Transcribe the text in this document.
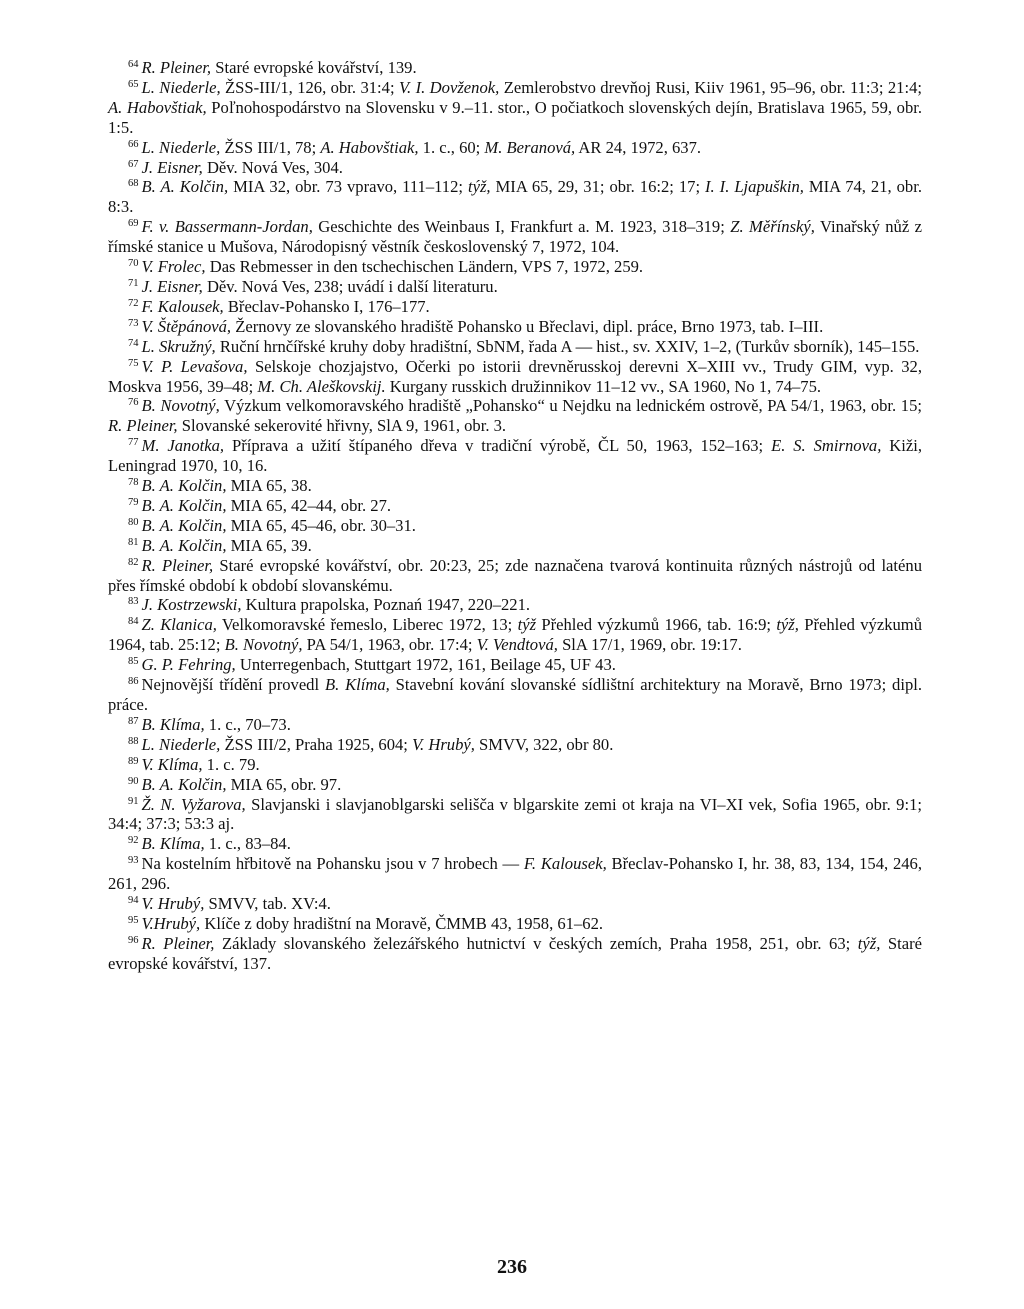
$^{64}$ R. Pleiner, Staré evropské kovářství, 139.

$^{65}$ L. Niederle, ŽSS-III/1, 126, obr. 31:4; V. I. Dovženok, Zemlerobstvo drevňoj Rusi, Kiiv 1961, 95–96, obr. 11:3; 21:4; A. Habovštiak, Poľnohospodárstvo na Slovensku v 9.–11. stor., O počiatkoch slovenských dejín, Bratislava 1965, 59, obr. 1:5.

$^{66}$ L. Niederle, ŽSS III/1, 78; A. Habovštiak, 1. c., 60; M. Beranová, AR 24, 1972, 637.

$^{67}$ J. Eisner, Děv. Nová Ves, 304.

$^{68}$ B. A. Kolčin, MIA 32, obr. 73 vpravo, 111–112; týž, MIA 65, 29, 31; obr. 16:2; 17; I. I. Ljapuškin, MIA 74, 21, obr. 8:3.

$^{69}$ F. v. Bassermann-Jordan, Geschichte des Weinbaus I, Frankfurt a. M. 1923, 318–319; Z. Měřínský, Vinařský nůž z římské stanice u Mušova, Národopisný věstník československý 7, 1972, 104.

$^{70}$ V. Frolec, Das Rebmesser in den tschechischen Ländern, VPS 7, 1972, 259.

$^{71}$ J. Eisner, Děv. Nová Ves, 238; uvádí i další literaturu.

$^{72}$ F. Kalousek, Břeclav-Pohansko I, 176–177.

$^{73}$ V. Štěpánová, Žernovy ze slovanského hradiště Pohansko u Břeclavi, dipl. práce, Brno 1973, tab. I–III.

$^{74}$ L. Skružný, Ruční hrnčířské kruhy doby hradištní, SbNM, řada A — hist., sv. XXIV, 1–2, (Turkův sborník), 145–155.

$^{75}$ V. P. Levašova, Selskoje chozjajstvo, Očerki po istorii drevněrusskoj derevni X–XIII vv., Trudy GIM, vyp. 32, Moskva 1956, 39–48; M. Ch. Aleškovskij. Kurgany russkich družinnikov 11–12 vv., SA 1960, No 1, 74–75.

$^{76}$ B. Novotný, Výzkum velkomoravského hradiště „Pohansko“ u Nejdku na lednickém ostrově, PA 54/1, 1963, obr. 15; R. Pleiner, Slovanské sekerovité hřivny, SlA 9, 1961, obr. 3.

$^{77}$ M. Janotka, Příprava a užití štípaného dřeva v tradiční výrobě, ČL 50, 1963, 152–163; E. S. Smirnova, Kiži, Leningrad 1970, 10, 16.

$^{78}$ B. A. Kolčin, MIA 65, 38.

$^{79}$ B. A. Kolčin, MIA 65, 42–44, obr. 27.

$^{80}$ B. A. Kolčin, MIA 65, 45–46, obr. 30–31.

$^{81}$ B. A. Kolčin, MIA 65, 39.

$^{82}$ R. Pleiner, Staré evropské kovářství, obr. 20:23, 25; zde naznačena tvarová kontinuita různých nástrojů od laténu přes římské období k období slovanskému.

$^{83}$ J. Kostrzewski, Kultura prapolska, Poznań 1947, 220–221.

$^{84}$ Z. Klanica, Velkomoravské řemeslo, Liberec 1972, 13; týž Přehled výzkumů 1966, tab. 16:9; týž, Přehled výzkumů 1964, tab. 25:12; B. Novotný, PA 54/1, 1963, obr. 17:4; V. Vendtová, SlA 17/1, 1969, obr. 19:17.

$^{85}$ G. P. Fehring, Unterregenbach, Stuttgart 1972, 161, Beilage 45, UF 43.

$^{86}$ Nejnovější třídění provedl B. Klíma, Stavební kování slovanské sídlištní architektury na Moravě, Brno 1973; dipl. práce.

$^{87}$ B. Klíma, 1. c., 70–73.

$^{88}$ L. Niederle, ŽSS III/2, Praha 1925, 604; V. Hrubý, SMVV, 322, obr 80.

$^{89}$ V. Klíma, 1. c. 79.

$^{90}$ B. A. Kolčin, MIA 65, obr. 97.

$^{91}$ Ž. N. Vyžarova, Slavjanski i slavjanoblgarski selišča v blgarskite zemi ot kraja na VI–XI vek, Sofia 1965, obr. 9:1; 34:4; 37:3; 53:3 aj.

$^{92}$ B. Klíma, 1. c., 83–84.

$^{93}$ Na kostelním hřbitově na Pohansku jsou v 7 hrobech — F. Kalousek, Břeclav-Pohansko I, hr. 38, 83, 134, 154, 246, 261, 296.

$^{94}$ V. Hrubý, SMVV, tab. XV:4.

$^{95}$ V.Hrubý, Klíče z doby hradištní na Moravě, ČMMB 43, 1958, 61–62.

$^{96}$ R. Pleiner, Základy slovanského železářského hutnictví v českých zemích, Praha 1958, 251, obr. 63; týž, Staré evropské kovářství, 137.

236
